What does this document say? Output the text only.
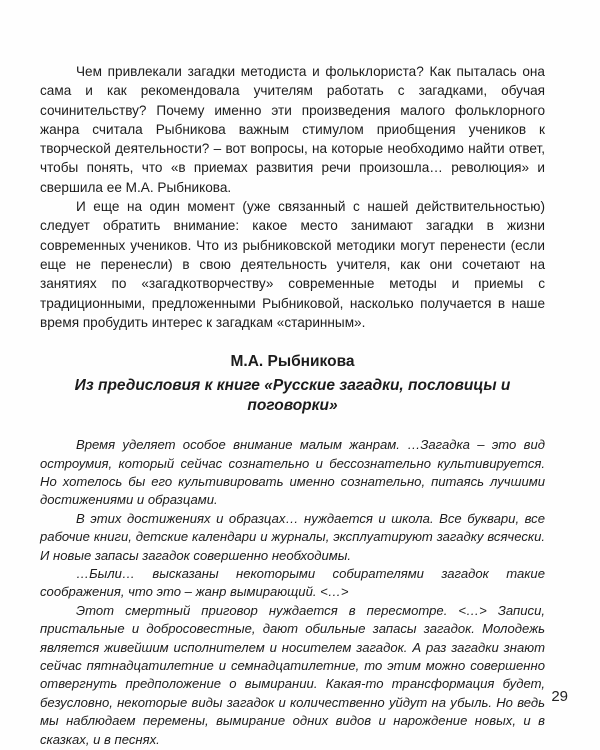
Чем привлекали загадки методиста и фольклориста? Как пыталась она сама и как рекомендовала учителям работать с загадками, обучая сочинительству? Почему именно эти произведения малого фольклорного жанра считала Рыбникова важным стимулом приобщения учеников к творческой деятельности? – вот вопросы, на которые необходимо найти ответ, чтобы понять, что «в приемах развития речи произошла… революция» и свершила ее М.А. Рыбникова.

И еще на один момент (уже связанный с нашей действительностью) следует обратить внимание: какое место занимают загадки в жизни современных учеников. Что из рыбниковской методики могут перенести (если еще не перенесли) в свою деятельность учителя, как они сочетают на занятиях по «загадкотворчеству» современные методы и приемы с традиционными, предложенными Рыбниковой, насколько получается в наше время пробудить интерес к загадкам «старинным».

М.А. Рыбникова
Из предисловия к книге «Русские загадки, пословицы и поговорки»

Время уделяет особое внимание малым жанрам. …Загадка – это вид остроумия, который сейчас сознательно и бессознательно культивируется. Но хотелось бы его культивировать именно сознательно, питаясь лучшими достижениями и образцами.

В этих достижениях и образцах… нуждается и школа. Все буквари, все рабочие книги, детские календари и журналы, эксплуатируют загадку всячески. И новые запасы загадок совершенно необходимы.

…Были… высказаны некоторыми собирателями загадок такие соображения, что это – жанр вымирающий. <…>

Этот смертный приговор нуждается в пересмотре. <…> Записи, пристальные и добросовестные, дают обильные запасы загадок. Молодежь является живейшим исполнителем и носителем загадок. А раз загадки знают сейчас пятнадцатилетние и семнадцатилетние, то этим можно совершенно отвергнуть предположение о вымирании. Какая-то трансформация будет, безусловно, некоторые виды загадок и количественно уйдут на убыль. Но ведь мы наблюдаем перемены, вымирание одних видов и нарождение новых, и в сказках, и в песнях.

29
